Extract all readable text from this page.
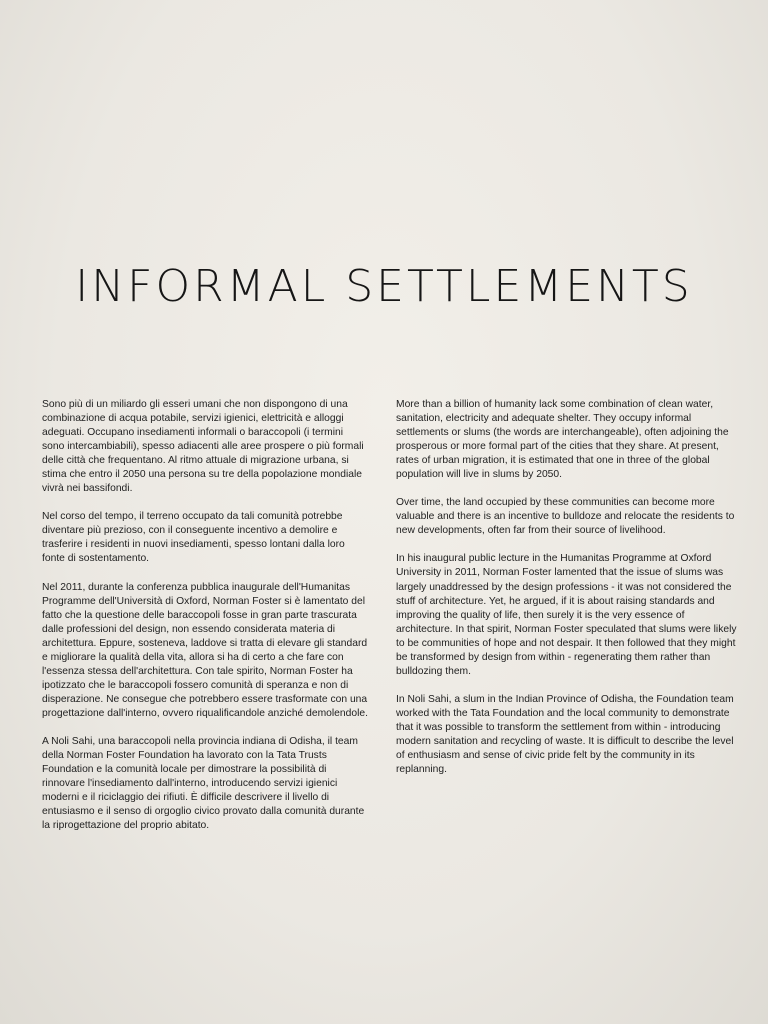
INFORMAL SETTLEMENTS

Sono più di un miliardo gli esseri umani che non dispongono di una combinazione di acqua potabile, servizi igienici, elettricità e alloggi adeguati. Occupano insediamenti informali o baraccopoli (i termini sono intercambiabili), spesso adiacenti alle aree prospere o più formali delle città che frequentano. Al ritmo attuale di migrazione urbana, si stima che entro il 2050 una persona su tre della popolazione mondiale vivrà nei bassifondi.

Nel corso del tempo, il terreno occupato da tali comunità potrebbe diventare più prezioso, con il conseguente incentivo a demolire e trasferire i residenti in nuovi insediamenti, spesso lontani dalla loro fonte di sostentamento.

Nel 2011, durante la conferenza pubblica inaugurale dell'Humanitas Programme dell'Università di Oxford, Norman Foster si è lamentato del fatto che la questione delle baraccopoli fosse in gran parte trascurata dalle professioni del design, non essendo considerata materia di architettura. Eppure, sosteneva, laddove si tratta di elevare gli standard e migliorare la qualità della vita, allora si ha di certo a che fare con l'essenza stessa dell'architettura. Con tale spirito, Norman Foster ha ipotizzato che le baraccopoli fossero comunità di speranza e non di disperazione. Ne consegue che potrebbero essere trasformate con una progettazione dall'interno, ovvero riqualificandole anziché demolendole.

A Noli Sahi, una baraccopoli nella provincia indiana di Odisha, il team della Norman Foster Foundation ha lavorato con la Tata Trusts Foundation e la comunità locale per dimostrare la possibilità di rinnovare l'insediamento dall'interno, introducendo servizi igienici moderni e il riciclaggio dei rifiuti. È difficile descrivere il livello di entusiasmo e il senso di orgoglio civico provato dalla comunità durante la riprogettazione del proprio abitato.

More than a billion of humanity lack some combination of clean water, sanitation, electricity and adequate shelter. They occupy informal settlements or slums (the words are interchangeable), often adjoining the prosperous or more formal part of the cities that they share. At present, rates of urban migration, it is estimated that one in three of the global population will live in slums by 2050.

Over time, the land occupied by these communities can become more valuable and there is an incentive to bulldoze and relocate the residents to new developments, often far from their source of livelihood.

In his inaugural public lecture in the Humanitas Programme at Oxford University in 2011, Norman Foster lamented that the issue of slums was largely unaddressed by the design professions - it was not considered the stuff of architecture. Yet, he argued, if it is about raising standards and improving the quality of life, then surely it is the very essence of architecture. In that spirit, Norman Foster speculated that slums were likely to be communities of hope and not despair. It then followed that they might be transformed by design from within - regenerating them rather than bulldozing them.

In Noli Sahi, a slum in the Indian Province of Odisha, the Foundation team worked with the Tata Foundation and the local community to demonstrate that it was possible to transform the settlement from within - introducing modern sanitation and recycling of waste. It is difficult to describe the level of enthusiasm and sense of civic pride felt by the community in its replanning.
